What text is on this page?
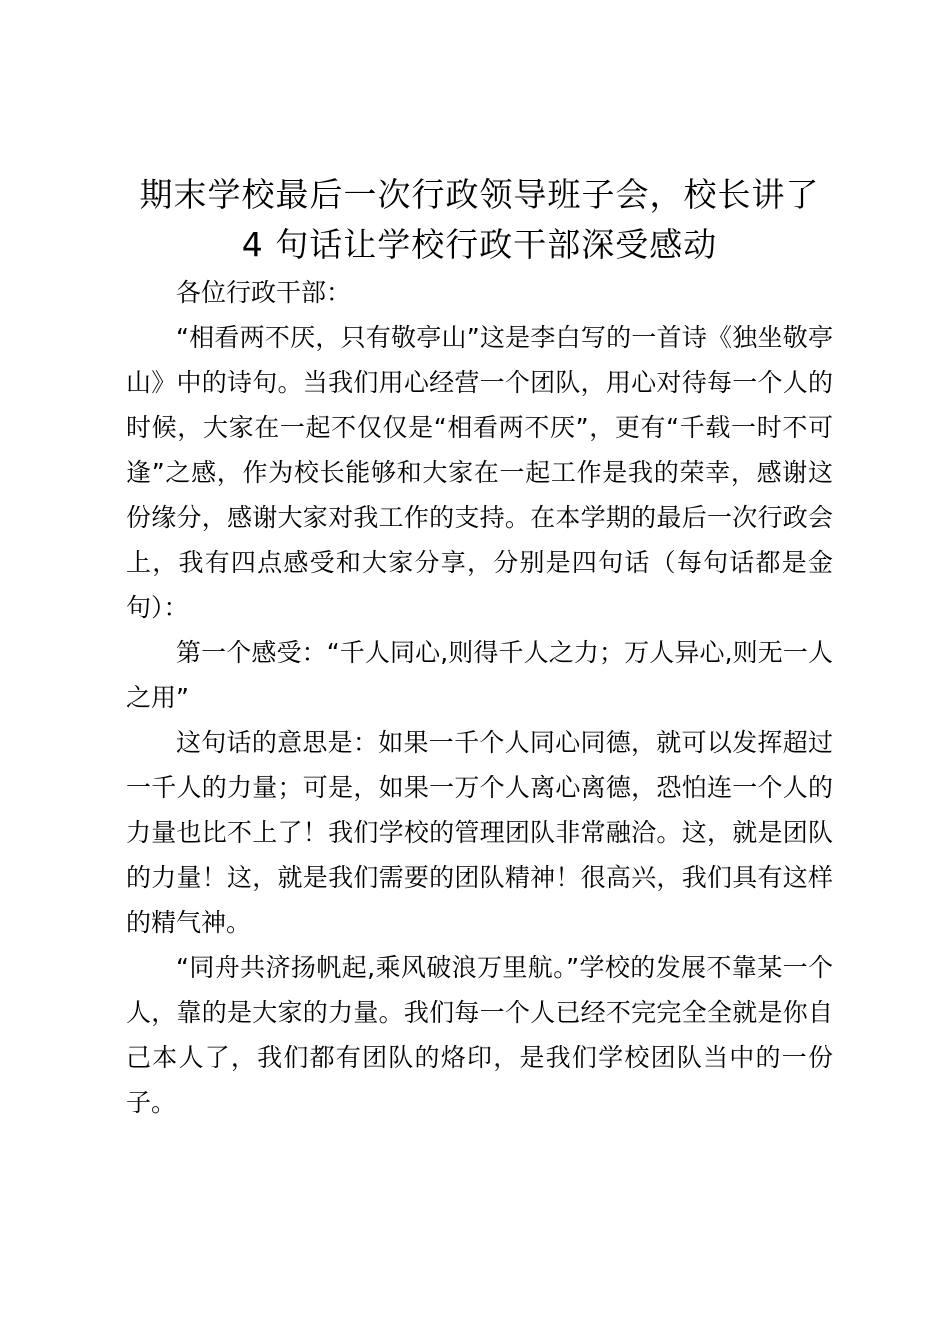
期末学校最后一次行政领导班子会，校长讲了
4 句话让学校行政干部深受感动

各位行政干部：

“相看两不厌，只有敬亭山”这是李白写的一首诗《独坐敬亭山》中的诗句。当我们用心经营一个团队，用心对待每一个人的时候，大家在一起不仅仅是“相看两不厌”，更有“千载一时不可逢”之感，作为校长能够和大家在一起工作是我的荣幸，感谢这份缘分，感谢大家对我工作的支持。在本学期的最后一次行政会上，我有四点感受和大家分享，分别是四句话（每句话都是金句）：

第一个感受：“千人同心,则得千人之力；万人异心,则无一人之用”

这句话的意思是：如果一千个人同心同德，就可以发挥超过一千人的力量；可是，如果一万个人离心离德，恐怕连一个人的力量也比不上了！我们学校的管理团队非常融洽。这，就是团队的力量！这，就是我们需要的团队精神！很高兴，我们具有这样的精气神。

“同舟共济扬帆起,乘风破浪万里航。”学校的发展不靠某一个人，靠的是大家的力量。我们每一个人已经不完完全全就是你自己本人了，我们都有团队的烙印，是我们学校团队当中的一份子。
